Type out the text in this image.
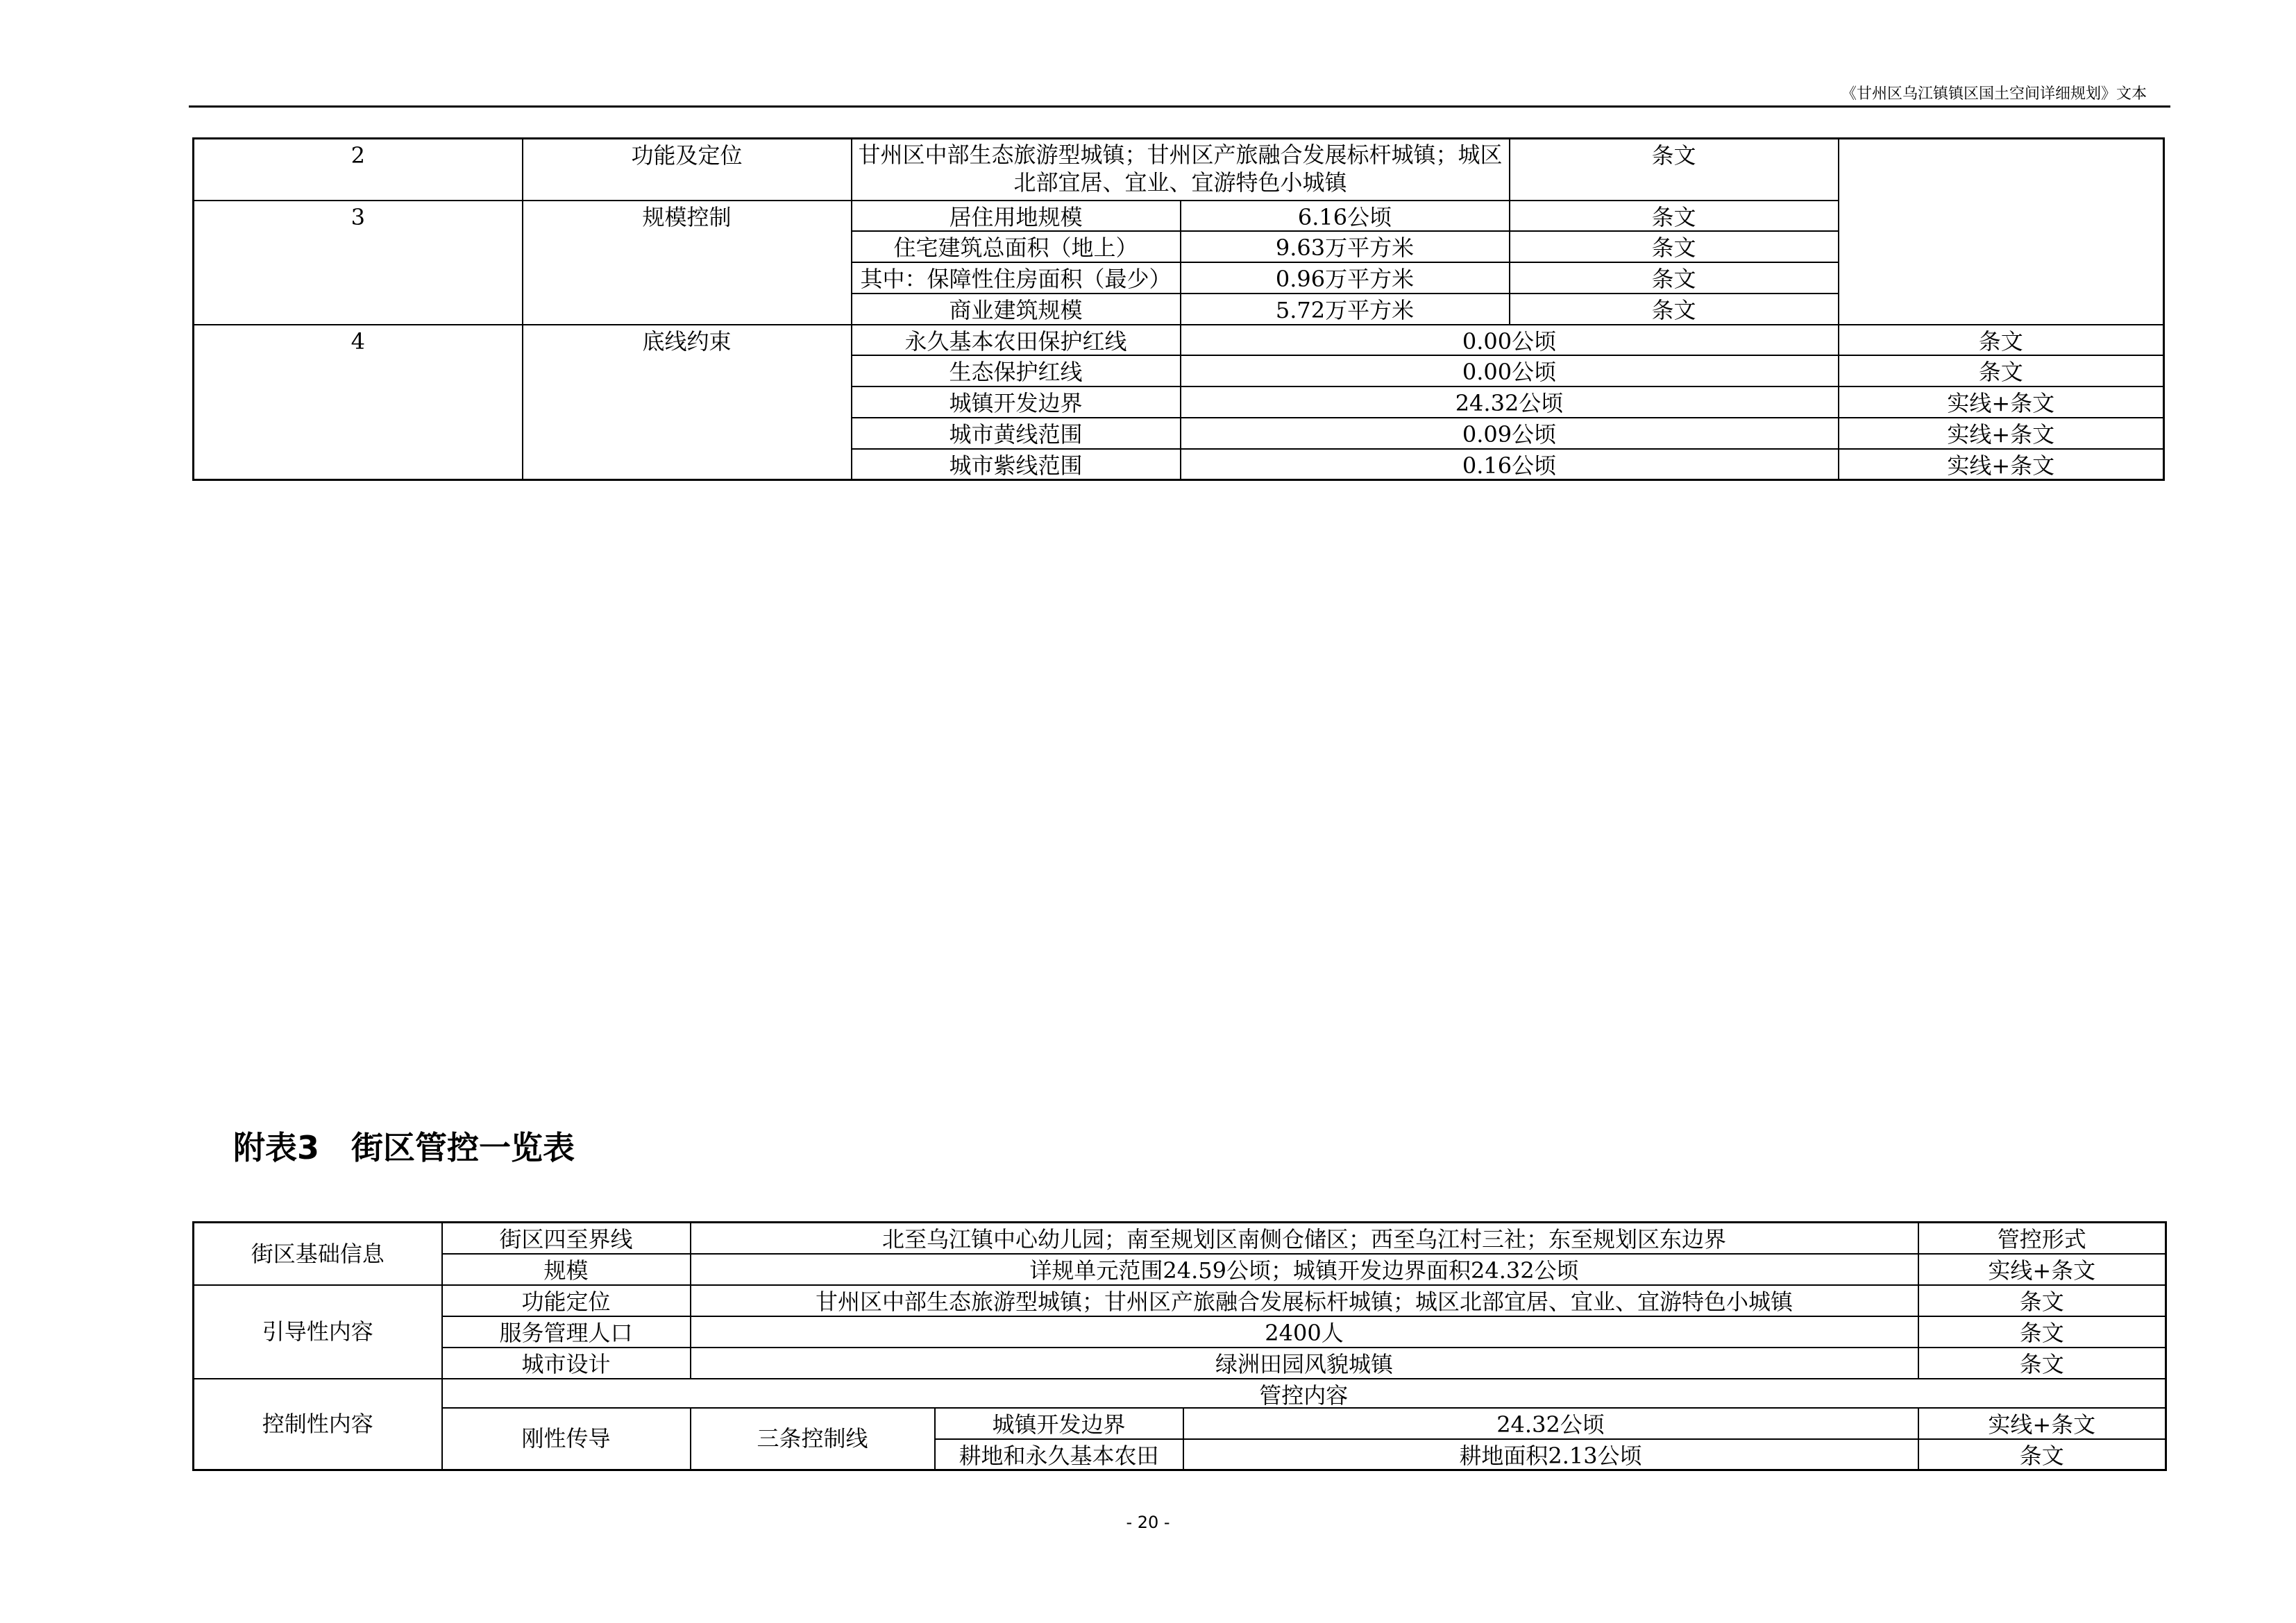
《甘州区乌江镇镇区国土空间详细规划》文本
2	功能及定位	甘州区中部生态旅游型城镇；甘州区产旅融合发展标杆城镇；城区北部宜居、宜业、宜游特色小城镇		条文	
3	规模控制	居住用地规模	6.16公顷	条文	
		住宅建筑总面积（地上）	9.63万平方米	条文	
		其中：保障性住房面积（最少）	0.96万平方米	条文	
		商业建筑规模	5.72万平方米	条文	
4	底线约束	永久基本农田保护红线	0.00公顷		条文
		生态保护红线	0.00公顷		条文
		城镇开发边界	24.32公顷		实线+条文
		城市黄线范围	0.09公顷		实线+条文
		城市紫线范围	0.16公顷		实线+条文
附表3　街区管控一览表
街区基础信息	街区四至界线	北至乌江镇中心幼儿园；南至规划区南侧仓储区；西至乌江村三社；东至规划区东边界			管控形式
	规模	详规单元范围24.59公顷；城镇开发边界面积24.32公顷			实线+条文
引导性内容	功能定位	甘州区中部生态旅游型城镇；甘州区产旅融合发展标杆城镇；城区北部宜居、宜业、宜游特色小城镇			条文
	服务管理人口	2400人			条文
	城市设计	绿洲田园风貌城镇			条文
控制性内容	管控内容				
	刚性传导	三条控制线	城镇开发边界	24.32公顷	实线+条文
			耕地和永久基本农田	耕地面积2.13公顷	条文
- 20 -
